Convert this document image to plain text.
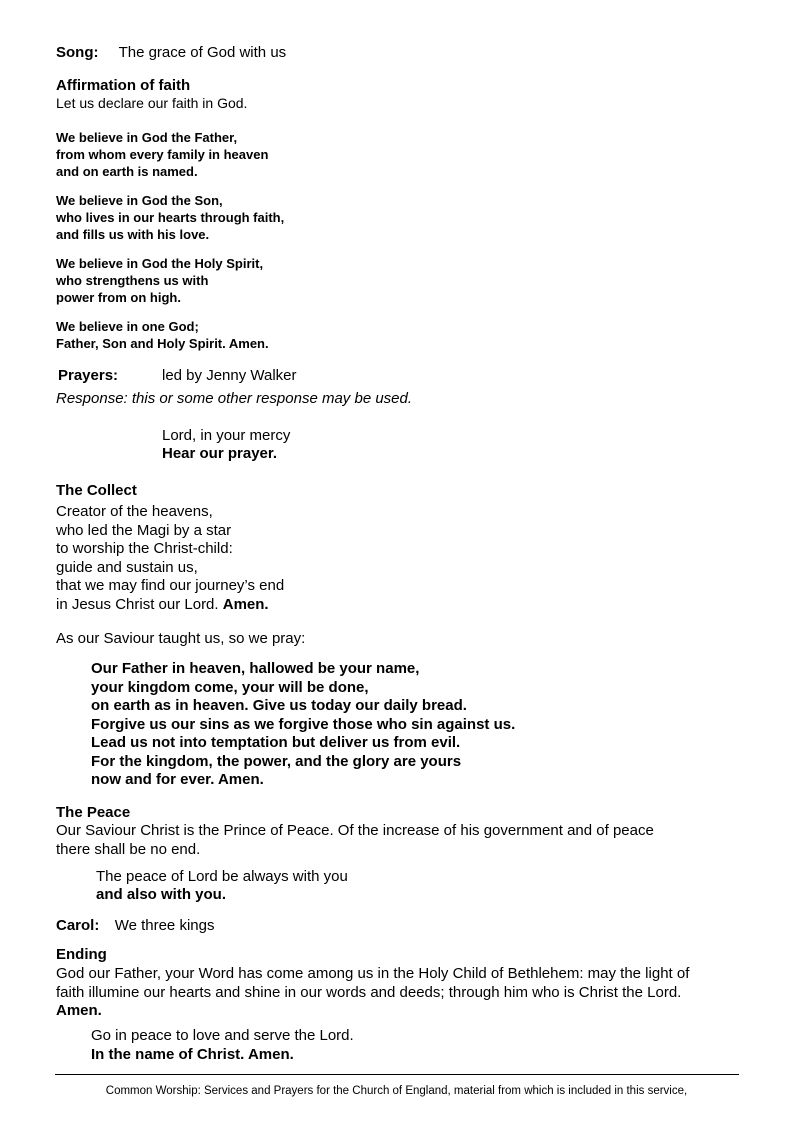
Song: The grace of God with us
Affirmation of faith
Let us declare our faith in God.
We believe in God the Father,
from whom every family in heaven
and on earth is named.
We believe in God the Son,
who lives in our hearts through faith,
and fills us with his love.
We believe in God the Holy Spirit,
who strengthens us with
power from on high.
We believe in one God;
Father, Son and Holy Spirit. Amen.
Prayers:	led by Jenny Walker
Response: this or some other response may be used.
Lord, in your mercy
Hear our prayer.
The Collect
Creator of the heavens,
who led the Magi by a star
to worship the Christ-child:
guide and sustain us,
that we may find our journey’s end
in Jesus Christ our Lord. Amen.
As our Saviour taught us, so we pray:
Our Father in heaven, hallowed be your name,
your kingdom come, your will be done,
on earth as in heaven. Give us today our daily bread.
Forgive us our sins as we forgive those who sin against us.
Lead us not into temptation but deliver us from evil.
For the kingdom, the power, and the glory are yours
now and for ever. Amen.
The Peace
Our Saviour Christ is the Prince of Peace. Of the increase of his government and of peace
there shall be no end.
The peace of Lord be always with you
and also with you.
Carol: We three kings
Ending
God our Father, your Word has come among us in the Holy Child of Bethlehem: may the light of
faith illumine our hearts and shine in our words and deeds; through him who is Christ the Lord.
Amen.
Go in peace to love and serve the Lord.
In the name of Christ. Amen.
Common Worship: Services and Prayers for the Church of England, material from which is included in this service,
